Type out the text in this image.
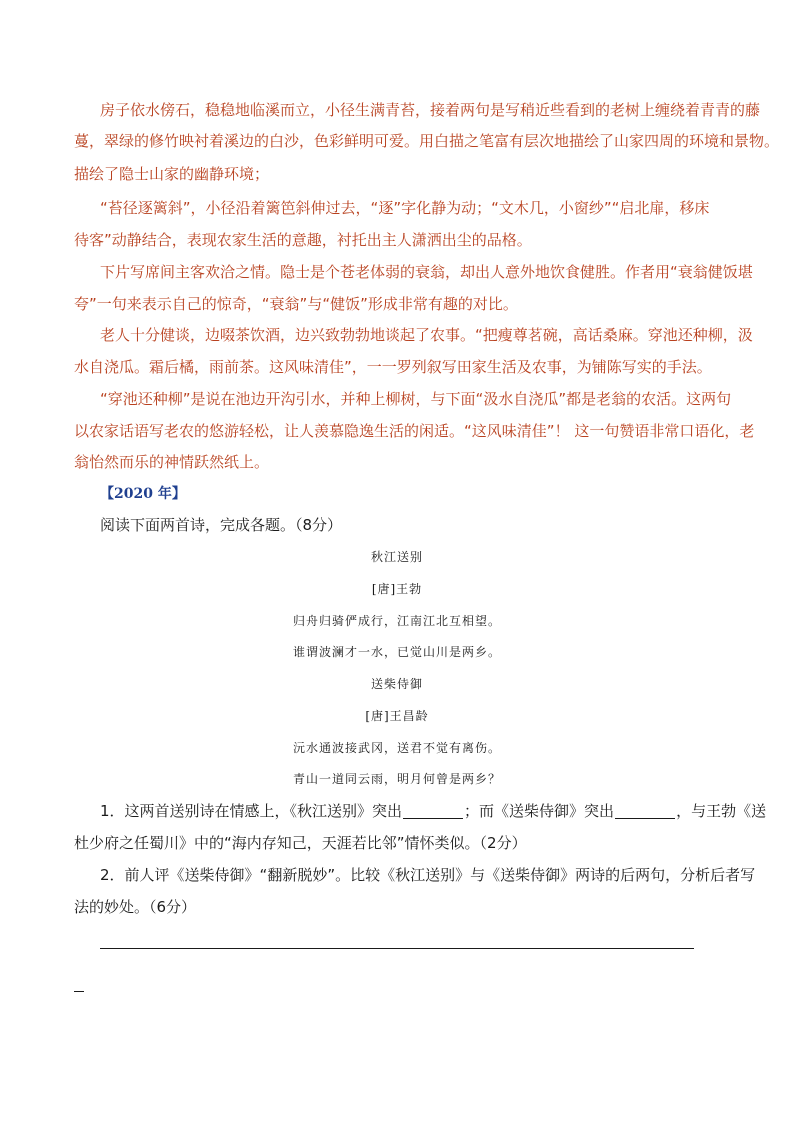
房子依水傍石，稳稳地临溪而立，小径生满青苔，接着两句是写稍近些看到的老树上缠绕着青青的藤
蔓，翠绿的修竹映衬着溪边的白沙，色彩鲜明可爱。用白描之笔富有层次地描绘了山家四周的环境和景物。
描绘了隐士山家的幽静环境；
“苔径逐篱斜”，小径沿着篱笆斜伸过去，“逐”字化静为动；“文木几，小窗纱”“启北扉，移床
待客”动静结合，表现农家生活的意趣，衬托出主人潇洒出尘的品格。
下片写席间主客欢洽之情。隐士是个苍老体弱的衰翁，却出人意外地饮食健胜。作者用“衰翁健饭堪
夸”一句来表示自己的惊奇，“衰翁”与“健饭”形成非常有趣的对比。
老人十分健谈，边啜茶饮酒，边兴致勃勃地谈起了农事。“把瘦尊茗碗，高话桑麻。穿池还种柳，汲
水自浇瓜。霜后橘，雨前茶。这风味清佳”，一一罗列叙写田家生活及农事，为铺陈写实的手法。
“穿池还种柳”是说在池边开沟引水，并种上柳树，与下面“汲水自浇瓜”都是老翁的农活。这两句
以农家话语写老农的悠游轻松，让人羡慕隐逸生活的闲适。“这风味清佳”！ 这一句赞语非常口语化，老
翁怡然而乐的神情跃然纸上。
【2020 年】
阅读下面两首诗，完成各题。（8分）
秋江送别
[唐]王勃
归舟归骑俨成行，江南江北互相望。
谁谓波澜才一水，已觉山川是两乡。
送柴侍御
[唐]王昌龄
沅水通波接武冈，送君不觉有离伤。
青山一道同云雨，明月何曾是两乡？
1．这两首送别诗在情感上，《秋江送别》突出	；而《送柴侍御》突出	，与王勃《送
杜少府之任蜀川》中的“海内存知己，天涯若比邻”情怀类似。（2分）
2．前人评《送柴侍御》“翻新脱妙”。比较《秋江送别》与《送柴侍御》两诗的后两句，分析后者写
法的妙处。（6分）
